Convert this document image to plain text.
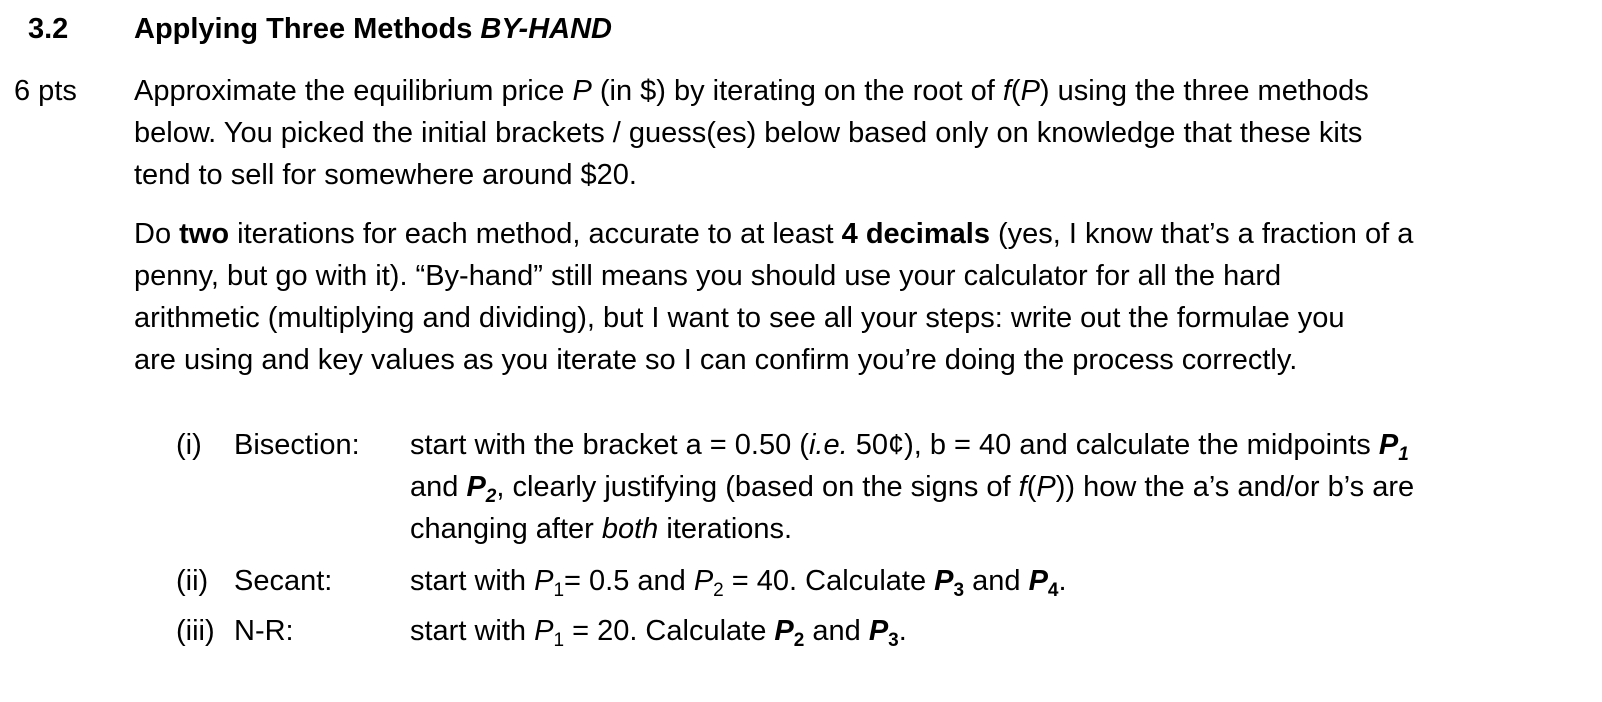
3.2 Applying Three Methods BY-HAND
6 pts Approximate the equilibrium price P (in $) by iterating on the root of f(P) using the three methods
below. You picked the initial brackets / guess(es) below based only on knowledge that these kits
tend to sell for somewhere around $20.
Do two iterations for each method, accurate to at least 4 decimals (yes, I know that’s a fraction of a
penny, but go with it). “By-hand” still means you should use your calculator for all the hard
arithmetic (multiplying and dividing), but I want to see all your steps: write out the formulae you
are using and key values as you iterate so I can confirm you’re doing the process correctly.
(i) Bisection: start with the bracket a = 0.50 (i.e. 50¢), b = 40 and calculate the midpoints $P_1$
and $P_2$, clearly justifying (based on the signs of f(P)) how the a’s and/or b’s are
changing after both iterations.
(ii) Secant:	start with $P_1= 0.5$ and $P_2 = 40$. Calculate $P_3$ and $P_4$.
(iii) N-R:	start with $P_1 = 20$. Calculate $P_2$ and $P_3$.
